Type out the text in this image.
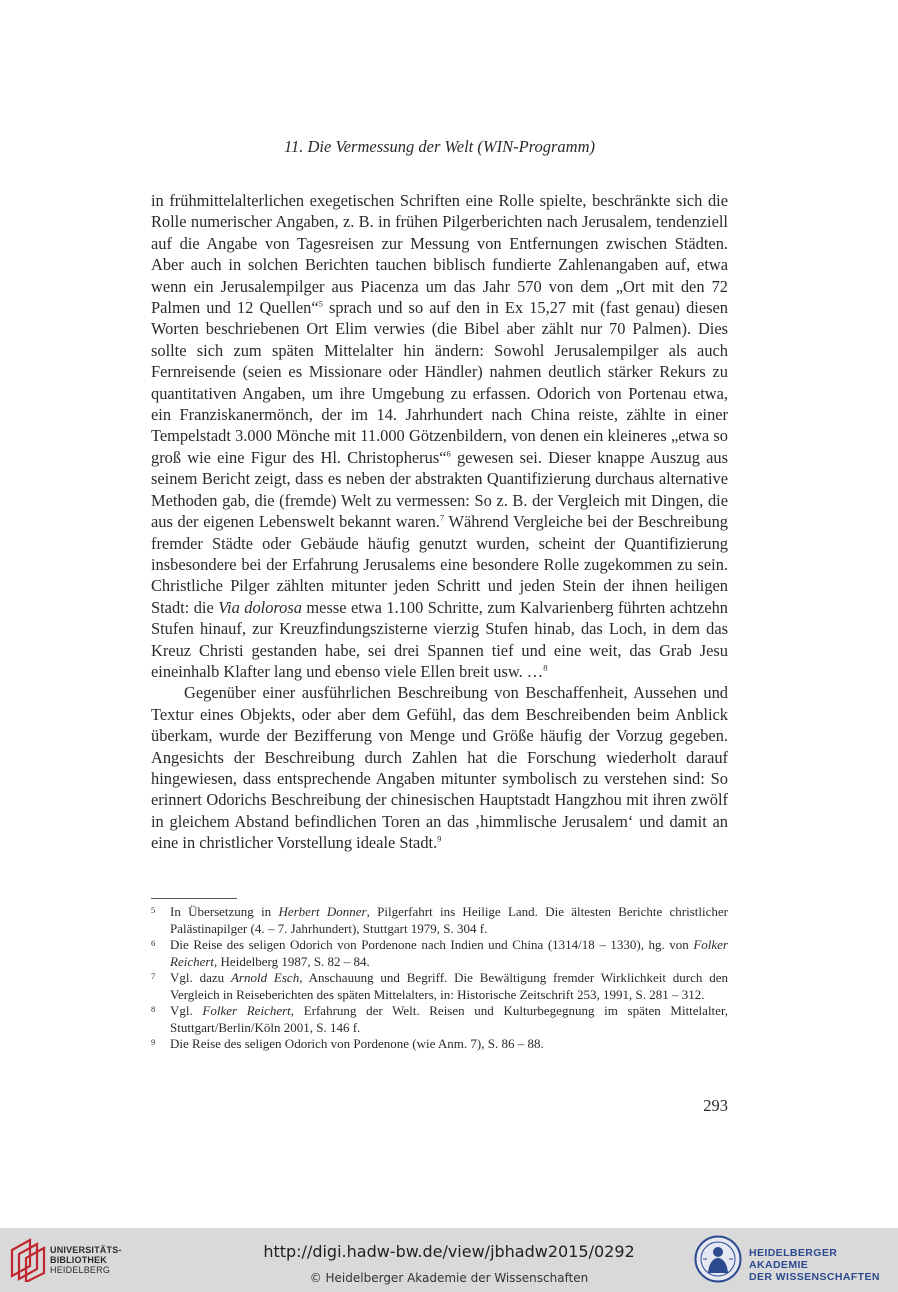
11. Die Vermessung der Welt (WIN-Programm)

in frühmittelalterlichen exegetischen Schriften eine Rolle spielte, beschränkte sich die Rolle numerischer Angaben, z. B. in frühen Pilgerberichten nach Jerusalem, tendenziell auf die Angabe von Tagesreisen zur Messung von Entfernungen zwischen Städten. Aber auch in solchen Berichten tauchen biblisch fundierte Zahlenangaben auf, etwa wenn ein Jerusalempilger aus Piacenza um das Jahr 570 von dem „Ort mit den 72 Palmen und 12 Quellen“$^5$ sprach und so auf den in Ex 15,27 mit (fast genau) diesen Worten beschriebenen Ort Elim verwies (die Bibel aber zählt nur 70 Palmen). Dies sollte sich zum späten Mittelalter hin ändern: Sowohl Jerusalempilger als auch Fernreisende (seien es Missionare oder Händler) nahmen deutlich stärker Rekurs zu quantitativen Angaben, um ihre Umgebung zu erfassen. Odorich von Portenau etwa, ein Franziskanermönch, der im 14. Jahrhundert nach China reiste, zählte in einer Tempelstadt 3.000 Mönche mit 11.000 Götzenbildern, von denen ein kleineres „etwa so groß wie eine Figur des Hl. Christopherus“$^6$ gewesen sei. Dieser knappe Auszug aus seinem Bericht zeigt, dass es neben der abstrakten Quantifizierung durchaus alternative Methoden gab, die (fremde) Welt zu vermessen: So z. B. der Vergleich mit Dingen, die aus der eigenen Lebenswelt bekannt waren.$^7$ Während Vergleiche bei der Beschreibung fremder Städte oder Gebäude häufig genutzt wurden, scheint der Quantifizierung insbesondere bei der Erfahrung Jerusalems eine besondere Rolle zugekommen zu sein. Christliche Pilger zählten mitunter jeden Schritt und jeden Stein der ihnen heiligen Stadt: die Via dolorosa messe etwa 1.100 Schritte, zum Kalvarienberg führten achtzehn Stufen hinauf, zur Kreuzfindungszisterne vierzig Stufen hinab, das Loch, in dem das Kreuz Christi gestanden habe, sei drei Spannen tief und eine weit, das Grab Jesu eineinhalb Klafter lang und ebenso viele Ellen breit usw. …$^8$

Gegenüber einer ausführlichen Beschreibung von Beschaffenheit, Aussehen und Textur eines Objekts, oder aber dem Gefühl, das dem Beschreibenden beim Anblick überkam, wurde der Bezifferung von Menge und Größe häufig der Vorzug gegeben. Angesichts der Beschreibung durch Zahlen hat die Forschung wiederholt darauf hingewiesen, dass entsprechende Angaben mitunter symbolisch zu verstehen sind: So erinnert Odorichs Beschreibung der chinesischen Hauptstadt Hangzhou mit ihren zwölf in gleichem Abstand befindlichen Toren an das ‚himmlische Jerusalem‘ und damit an eine in christlicher Vorstellung ideale Stadt.$^9$

5 In Übersetzung in Herbert Donner, Pilgerfahrt ins Heilige Land. Die ältesten Berichte christlicher Palästinapilger (4. – 7. Jahrhundert), Stuttgart 1979, S. 304 f.
6 Die Reise des seligen Odorich von Pordenone nach Indien und China (1314/18 – 1330), hg. von Folker Reichert, Heidelberg 1987, S. 82 – 84.
7 Vgl. dazu Arnold Esch, Anschauung und Begriff. Die Bewältigung fremder Wirklichkeit durch den Vergleich in Reiseberichten des späten Mittelalters, in: Historische Zeitschrift 253, 1991, S. 281 – 312.
8 Vgl. Folker Reichert, Erfahrung der Welt. Reisen und Kulturbegegnung im späten Mittelalter, Stuttgart/Berlin/Köln 2001, S. 146 f.
9 Die Reise des seligen Odorich von Pordenone (wie Anm. 7), S. 86 – 88.
293
UNIVERSITÄTS-
BIBLIOTHEK
HEIDELBERG
http://digi.hadw-bw.de/view/jbhadw2015/0292
© Heidelberger Akademie der Wissenschaften
HEIDELBERGER AKADEMIE
DER WISSENSCHAFTEN
